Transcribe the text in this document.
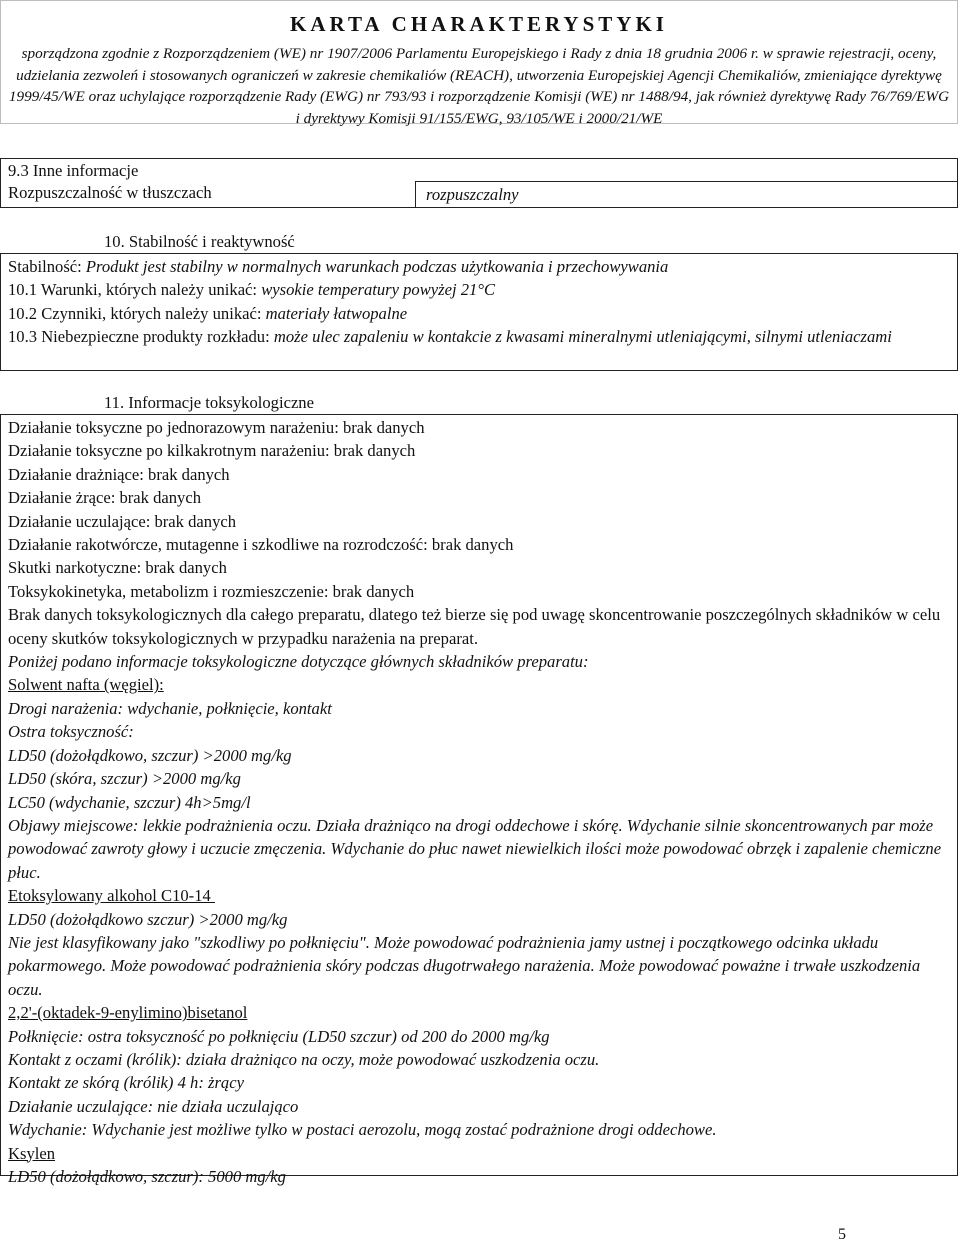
KARTA CHARAKTERYSTYKI
sporządzona zgodnie z Rozporządzeniem (WE) nr 1907/2006 Parlamentu Europejskiego i Rady z dnia 18 grudnia 2006 r. w sprawie rejestracji, oceny, udzielania zezwoleń i stosowanych ograniczeń w zakresie chemikaliów (REACH), utworzenia Europejskiej Agencji Chemikaliów, zmieniające dyrektywę 1999/45/WE oraz uchylające rozporządzenie Rady (EWG) nr 793/93 i rozporządzenie Komisji (WE) nr 1488/94, jak również dyrektywę Rady 76/769/EWG i dyrektywy Komisji 91/155/EWG, 93/105/WE i 2000/21/WE
9.3 Inne informacje
Rozpuszczalność w tłuszczach	rozpuszczalny
10. Stabilność i reaktywność
Stabilność: Produkt jest stabilny w normalnych warunkach podczas użytkowania i przechowywania
10.1 Warunki, których należy unikać: wysokie temperatury powyżej 21°C
10.2 Czynniki, których należy unikać: materiały łatwopalne
10.3 Niebezpieczne produkty rozkładu: może ulec zapaleniu w kontakcie z kwasami mineralnymi utleniającymi, silnymi utleniaczami
11. Informacje toksykologiczne
Działanie toksyczne po jednorazowym narażeniu: brak danych
Działanie toksyczne po kilkakrotnym narażeniu: brak danych
Działanie drażniące: brak danych
Działanie żrące: brak danych
Działanie uczulające: brak danych
Działanie rakotwórcze, mutagenne i szkodliwe na rozrodczość: brak danych
Skutki narkotyczne: brak danych
Toksykokinetyka, metabolizm i rozmieszczenie: brak danych
Brak danych toksykologicznych dla całego preparatu, dlatego też bierze się pod uwagę skoncentrowanie poszczególnych składników w celu oceny skutków toksykologicznych w przypadku narażenia na preparat.
Poniżej podano informacje toksykologiczne dotyczące głównych składników preparatu:
Solwent nafta (węgiel):
Drogi narażenia: wdychanie, połknięcie, kontakt
Ostra toksyczność:
LD50 (dożołądkowo, szczur) >2000 mg/kg
LD50 (skóra, szczur) >2000 mg/kg
LC50 (wdychanie, szczur) 4h>5mg/l
Objawy miejscowe: lekkie podrażnienia oczu. Działa drażniąco na drogi oddechowe i skórę. Wdychanie silnie skoncentrowanych par może powodować zawroty głowy i uczucie zmęczenia. Wdychanie do płuc nawet niewielkich ilości może powodować obrzęk i zapalenie chemiczne płuc.
Etoksylowany alkohol C10-14
LD50 (dożołądkowo szczur) >2000 mg/kg
Nie jest klasyfikowany jako "szkodliwy po połknięciu". Może powodować podrażnienia jamy ustnej i początkowego odcinka układu pokarmowego. Może powodować podrażnienia skóry podczas długotrwałego narażenia. Może powodować poważne i trwałe uszkodzenia oczu.
2,2'-(oktadek-9-enylimino)bisetanol
Połknięcie: ostra toksyczność po połknięciu (LD50 szczur) od 200 do 2000 mg/kg
Kontakt z oczami (królik): działa drażniąco na oczy, może powodować uszkodzenia oczu.
Kontakt ze skórą (królik) 4 h: żrący
Działanie uczulające: nie działa uczulająco
Wdychanie: Wdychanie jest możliwe tylko w postaci aerozolu, mogą zostać podrażnione drogi oddechowe.
Ksylen
LD50 (dożołądkowo, szczur): 5000 mg/kg
5
